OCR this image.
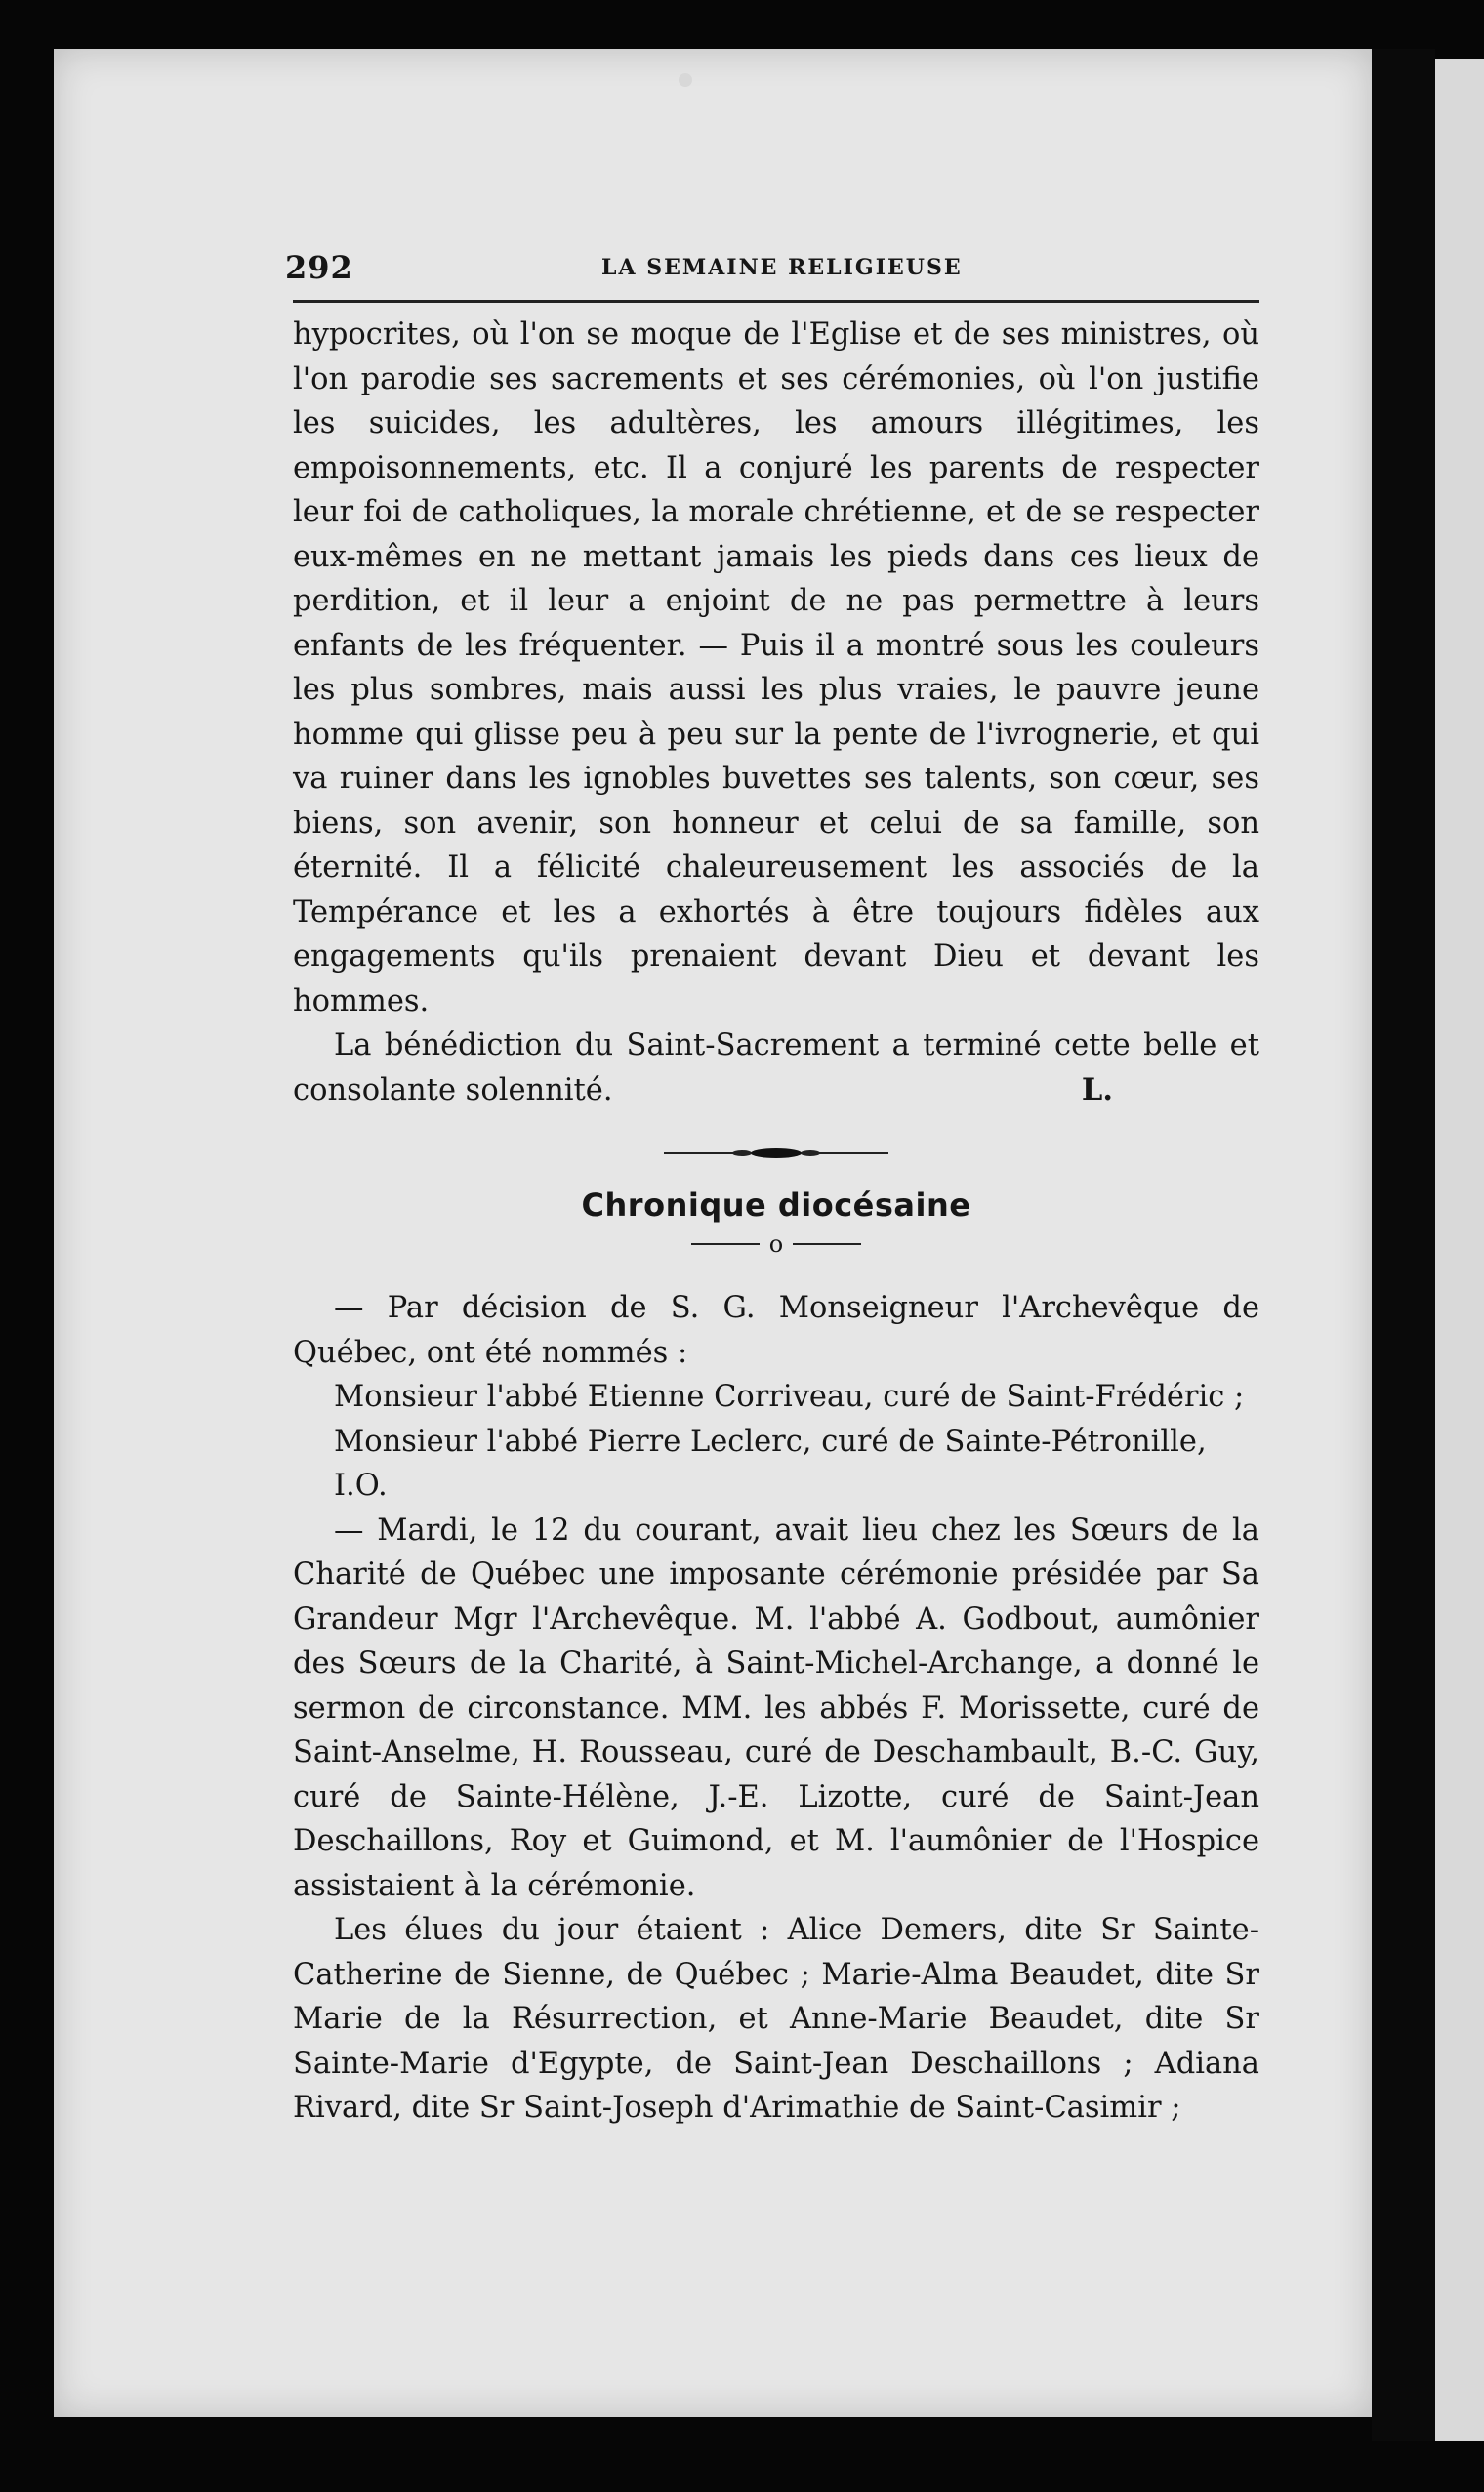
292	LA SEMAINE RELIGIEUSE

hypocrites, où l'on se moque de l'Eglise et de ses ministres, où l'on parodie ses sacrements et ses cérémonies, où l'on justifie les suicides, les adultères, les amours illégitimes, les empoisonnements, etc. Il a conjuré les parents de respecter leur foi de catholiques, la morale chrétienne, et de se respecter eux-mêmes en ne mettant jamais les pieds dans ces lieux de perdition, et il leur a enjoint de ne pas permettre à leurs enfants de les fréquenter. — Puis il a montré sous les couleurs les plus sombres, mais aussi les plus vraies, le pauvre jeune homme qui glisse peu à peu sur la pente de l'ivrognerie, et qui va ruiner dans les ignobles buvettes ses talents, son cœur, ses biens, son avenir, son honneur et celui de sa famille, son éternité. Il a félicité chaleureusement les associés de la Tempérance et les a exhortés à être toujours fidèles aux engagements qu'ils prenaient devant Dieu et devant les hommes.

La bénédiction du Saint-Sacrement a terminé cette belle et consolante solennité.	L.

Chronique diocésaine
o

— Par décision de S. G. Monseigneur l'Archevêque de Québec, ont été nommés :

Monsieur l'abbé Etienne Corriveau, curé de Saint-Frédéric ;

Monsieur l'abbé Pierre Leclerc, curé de Sainte-Pétronille, I.O.

— Mardi, le 12 du courant, avait lieu chez les Sœurs de la Charité de Québec une imposante cérémonie présidée par Sa Grandeur Mgr l'Archevêque. M. l'abbé A. Godbout, aumônier des Sœurs de la Charité, à Saint-Michel-Archange, a donné le sermon de circonstance. MM. les abbés F. Morissette, curé de Saint-Anselme, H. Rousseau, curé de Deschambault, B.-C. Guy, curé de Sainte-Hélène, J.-E. Lizotte, curé de Saint-Jean Deschaillons, Roy et Guimond, et M. l'aumônier de l'Hospice assistaient à la cérémonie.

Les élues du jour étaient : Alice Demers, dite Sr Sainte-Catherine de Sienne, de Québec ; Marie-Alma Beaudet, dite Sr Marie de la Résurrection, et Anne-Marie Beaudet, dite Sr Sainte-Marie d'Egypte, de Saint-Jean Deschaillons ; Adiana Rivard, dite Sr Saint-Joseph d'Arimathie de Saint-Casimir ;
